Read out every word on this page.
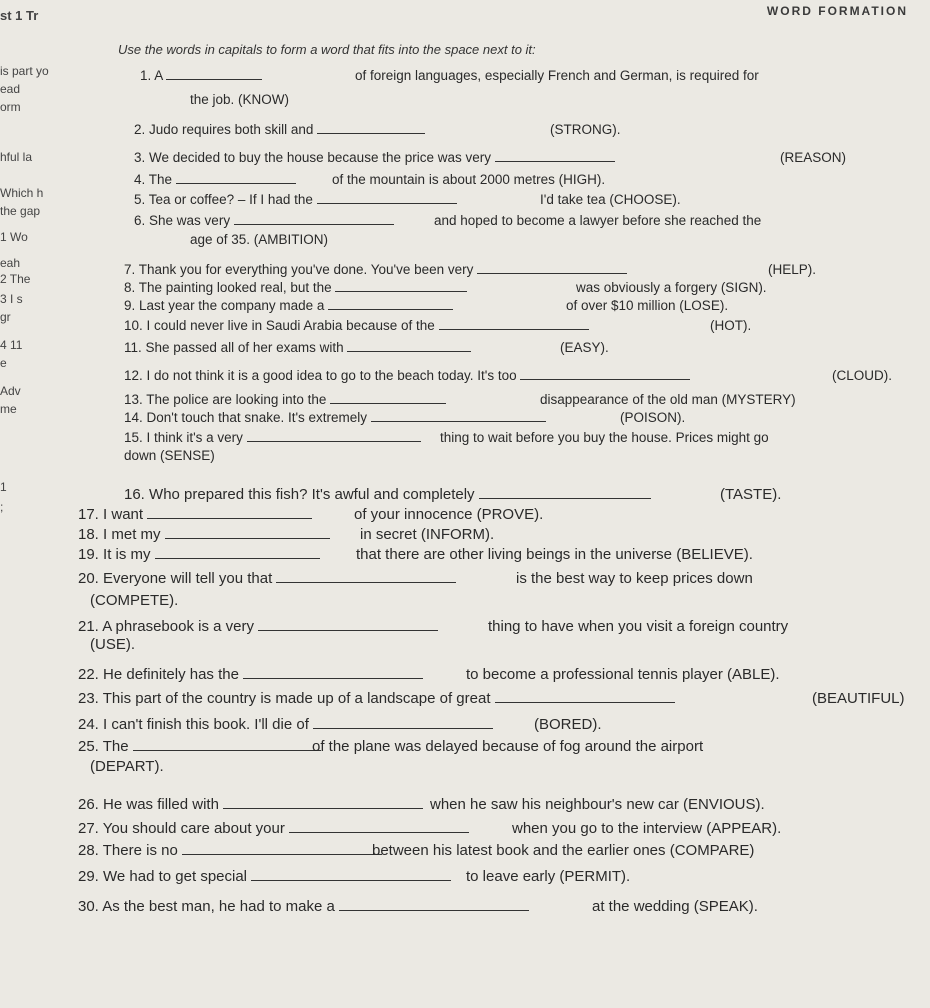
WORD FORMATION
st 1 Tr
Use the words in capitals to form a word that fits into the space next to it:
is part yo
ead
orm
hful la
Which h
the gap
1 Wo
eah
2 The
3 I s
gr
4 11
e
Adv
me
1
;
1. A	of foreign languages, especially French and German, is required for
the job. (KNOW)
2. Judo requires both skill and	(STRONG).
3. We decided to buy the house because the price was very	(REASON)
4. The	of the mountain is about 2000 metres (HIGH).
5. Tea or coffee? – If I had the	I'd take tea (CHOOSE).
6. She was very	and hoped to become a lawyer before she reached the
age of 35. (AMBITION)
7. Thank you for everything you've done. You've been very	(HELP).
8. The painting looked real, but the	was obviously a forgery (SIGN).
9. Last year the company made a	of over $10 million (LOSE).
10. I could never live in Saudi Arabia because of the	(HOT).
11. She passed all of her exams with	(EASY).
12. I do not think it is a good idea to go to the beach today. It's too	(CLOUD).
13. The police are looking into the	disappearance of the old man (MYSTERY)
14. Don't touch that snake. It's extremely	(POISON).
15. I think it's a very	thing to wait before you buy the house. Prices might go
down (SENSE)
16. Who prepared this fish? It's awful and completely	(TASTE).
17. I want	of your innocence (PROVE).
18. I met my	in secret (INFORM).
19. It is my	that there are other living beings in the universe (BELIEVE).
20. Everyone will tell you that	is the best way to keep prices down
(COMPETE).
21. A phrasebook is a very	thing to have when you visit a foreign country
(USE).
22. He definitely has the	to become a professional tennis player (ABLE).
23. This part of the country is made up of a landscape of great	(BEAUTIFUL)
24. I can't finish this book. I'll die of	(BORED).
25. The	of the plane was delayed because of fog around the airport
(DEPART).
26. He was filled with	when he saw his neighbour's new car (ENVIOUS).
27. You should care about your	when you go to the interview (APPEAR).
28. There is no	between his latest book and the earlier ones (COMPARE)
29. We had to get special	to leave early (PERMIT).
30. As the best man, he had to make a	at the wedding (SPEAK).
